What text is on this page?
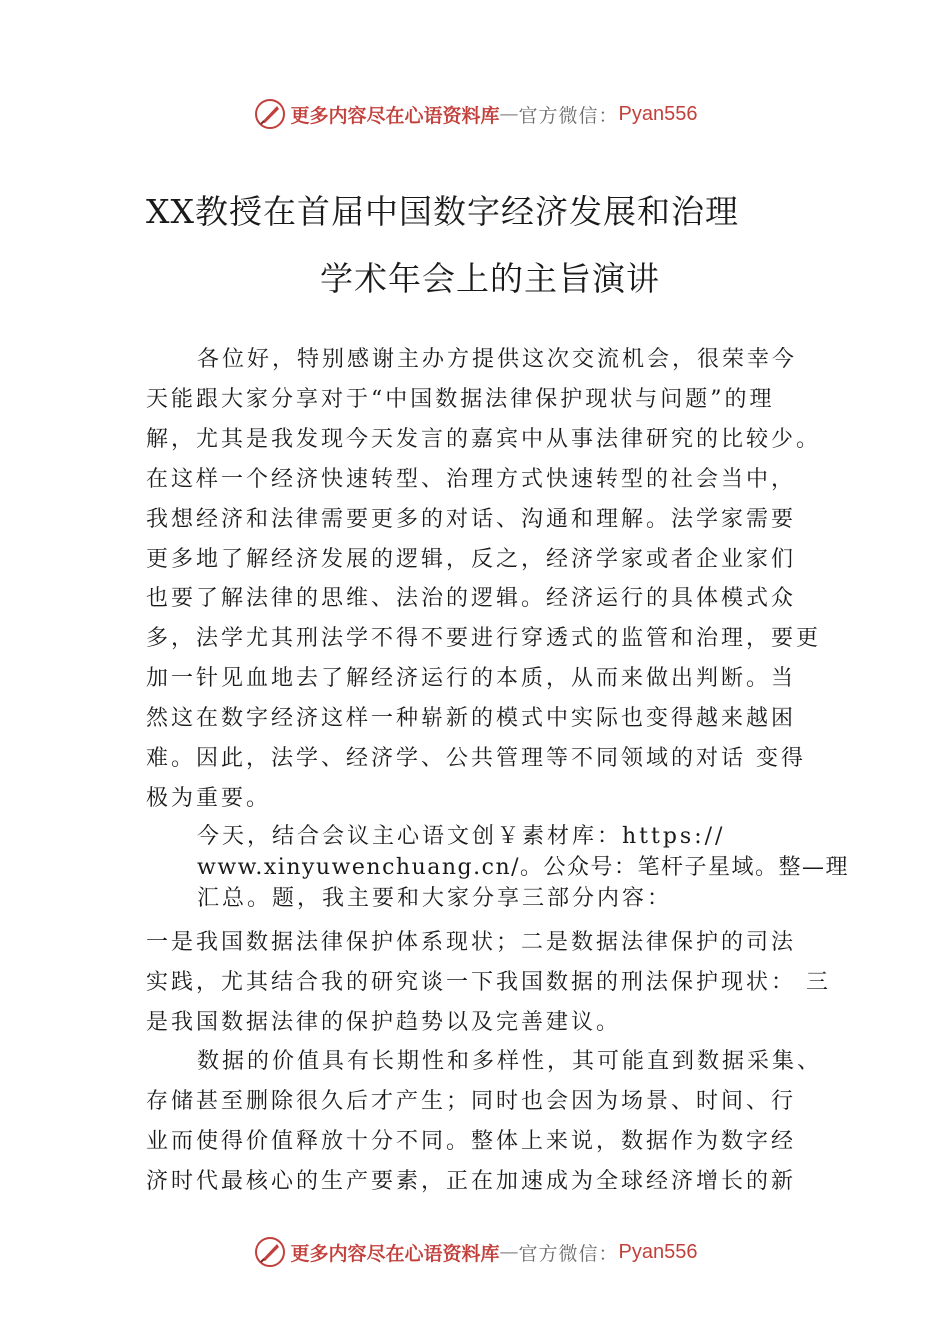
更多内容尽在心语资料库 — 官方微信： Pyan556
XX教授在首届中国数字经济发展和治理
学术年会上的主旨演讲
各位好，特别感谢主办方提供这次交流机会，很荣幸今
天能跟大家分享对于“中国数据法律保护现状与问题”的理
解，尤其是我发现今天发言的嘉宾中从事法律研究的比较少。
在这样一个经济快速转型、治理方式快速转型的社会当中，
我想经济和法律需要更多的对话、沟通和理解。法学家需要
更多地了解经济发展的逻辑，反之，经济学家或者企业家们
也要了解法律的思维、法治的逻辑。经济运行的具体模式众
多，法学尤其刑法学不得不要进行穿透式的监管和治理，要更
加一针见血地去了解经济运行的本质，从而来做出判断。当
然这在数字经济这样一种崭新的模式中实际也变得越来越困
难。因此，法学、经济学、公共管理等不同领域的对话 变得
极为重要。
今天，结合会议主心语文创￥素材库：https://
www.xinyuwenchuang.cn/。公众号：笔杆子星域。整—理
汇总。题，我主要和大家分享三部分内容：
一是我国数据法律保护体系现状；二是数据法律保护的司法
实践，尤其结合我的研究谈一下我国数据的刑法保护现状： 三
是我国数据法律的保护趋势以及完善建议。
数据的价值具有长期性和多样性，其可能直到数据采集、
存储甚至删除很久后才产生；同时也会因为场景、时间、行
业而使得价值释放十分不同。整体上来说，数据作为数字经
济时代最核心的生产要素，正在加速成为全球经济增长的新
更多内容尽在心语资料库 — 官方微信： Pyan556
